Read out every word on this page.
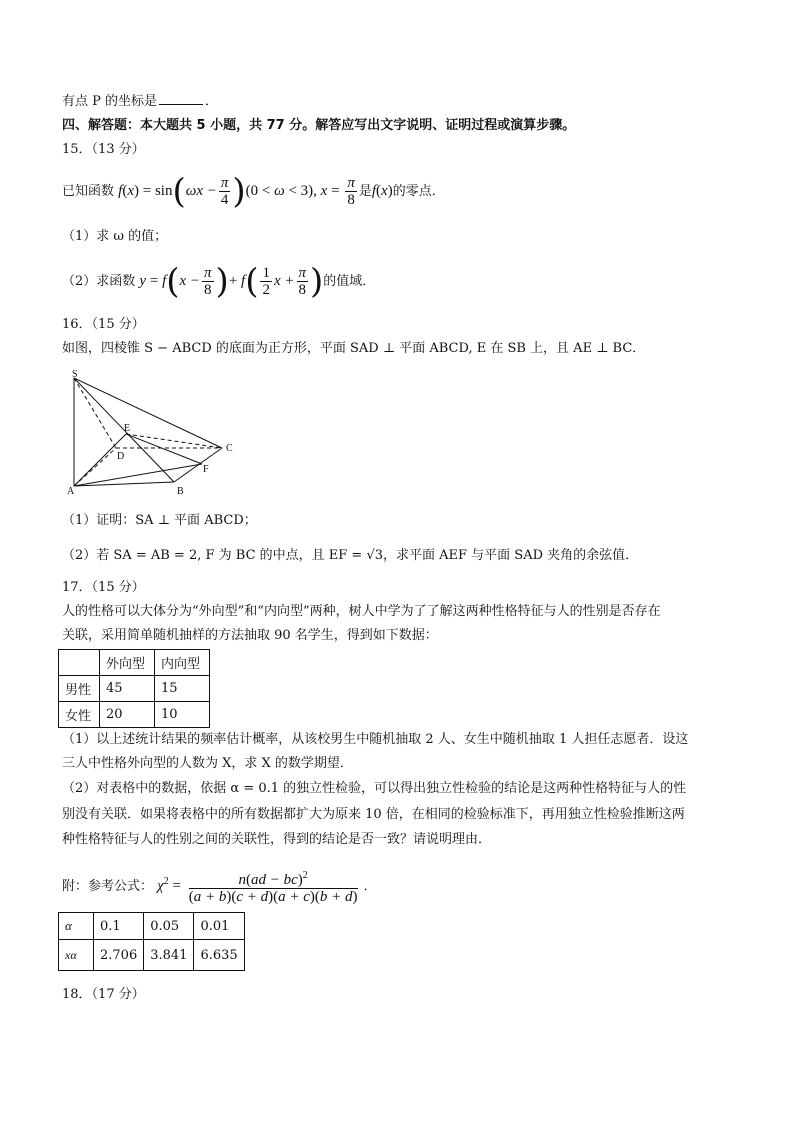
有点 P 的坐标是	．
四、解答题：本大题共 5 小题，共 77 分。解答应写出文字说明、证明过程或演算步骤。
15．（13 分）
已知函数 $f(x) = \sin(\omega x - \frac{\pi}{4} )(0 < \omega < 3)$, $x = \frac{\pi}{8}$ 是f(x)的零点．
（1）求 ω 的值；
（2）求函数 $y = f(x - \frac{\pi}{8}$ )+ $f( \frac{1}{2}$ $x + \frac{\pi}{8}$ )的值域．
16．（15 分）
如图，四棱锥 S − ABCD 的底面为正方形，平面 SAD ⊥ 平面 ABCD, E 在 SB 上，且 AE ⊥ BC．
S
E
D
C
F
A	B
（1）证明：SA ⊥ 平面 ABCD；
（2）若 SA = AB = 2, F 为 BC 的中点，且 EF = √3，求平面 AEF 与平面 SAD 夹角的余弦值．
17．（15 分）
人的性格可以大体分为“外向型”和“内向型”两种，树人中学为了了解这两种性格特征与人的性别是否存在
关联，采用简单随机抽样的方法抽取 90 名学生，得到如下数据：
	外向型	内向型
男性	45	15
女性	20	10
（1）以上述统计结果的频率估计概率，从该校男生中随机抽取 2 人、女生中随机抽取 1 人担任志愿者．设这
三人中性格外向型的人数为 X，求 X 的数学期望．
（2）对表格中的数据，依据 α = 0.1 的独立性检验，可以得出独立性检验的结论是这两种性格特征与人的性
别没有关联．如果将表格中的所有数据都扩大为原来 10 倍，在相同的检验标准下，再用独立性检验推断这两
种性格特征与人的性别之间的关联性，得到的结论是否一致？请说明理由．
附：参考公式： $\chi^2 = \frac{n(ad - bc)^2}{(a + b)(c + d)(a + c)(b + d)}$ ．
α	0.1	0.05	0.01
xα	2.706	3.841	6.635
18．（17 分）
